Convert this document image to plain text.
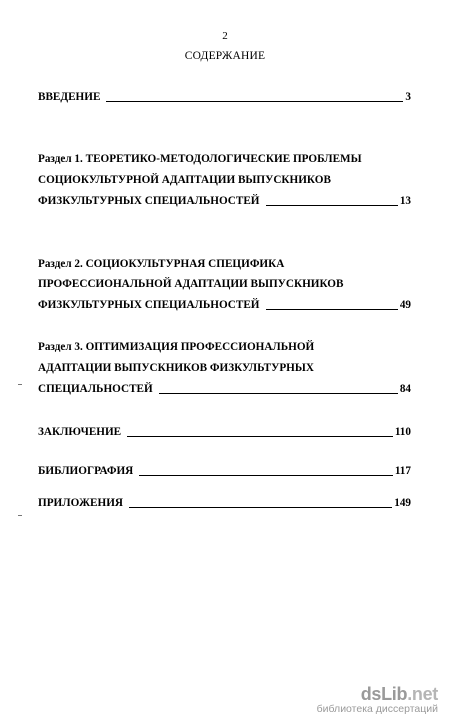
2
СОДЕРЖАНИЕ
ВВЕДЕНИЕ	3
Раздел 1. ТЕОРЕТИКО-МЕТОДОЛОГИЧЕСКИЕ ПРОБЛЕМЫ
СОЦИОКУЛЬТУРНОЙ АДАПТАЦИИ ВЫПУСКНИКОВ
ФИЗКУЛЬТУРНЫХ СПЕЦИАЛЬНОСТЕЙ	13
Раздел 2. СОЦИОКУЛЬТУРНАЯ СПЕЦИФИКА
ПРОФЕССИОНАЛЬНОЙ АДАПТАЦИИ ВЫПУСКНИКОВ
ФИЗКУЛЬТУРНЫХ СПЕЦИАЛЬНОСТЕЙ	49
Раздел 3. ОПТИМИЗАЦИЯ ПРОФЕССИОНАЛЬНОЙ
АДАПТАЦИИ ВЫПУСКНИКОВ ФИЗКУЛЬТУРНЫХ
СПЕЦИАЛЬНОСТЕЙ	84
ЗАКЛЮЧЕНИЕ	110
БИБЛИОГРАФИЯ	117
ПРИЛОЖЕНИЯ	149
dsLib.net
библиотека диссертаций
